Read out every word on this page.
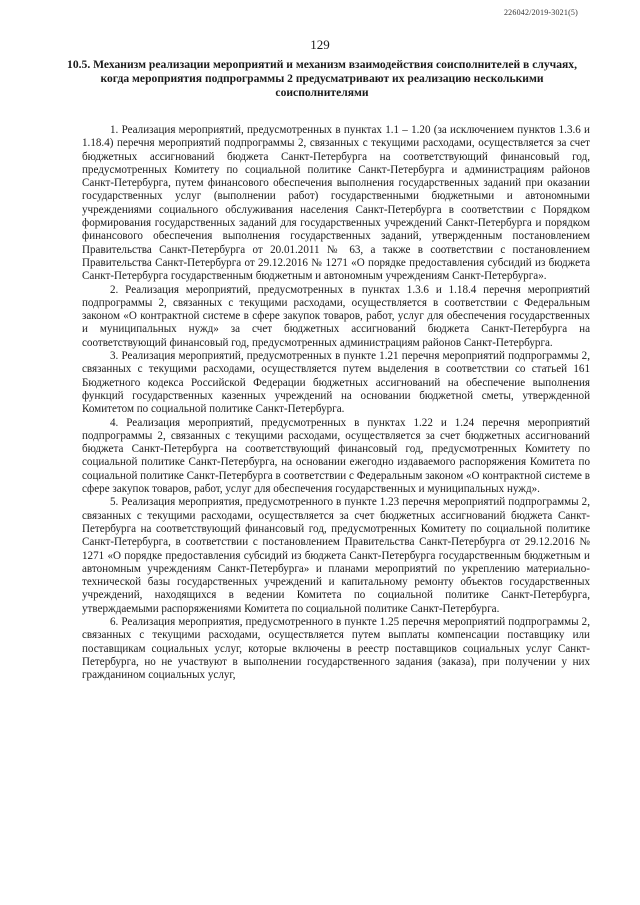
226042/2019-3021(5)
129
10.5. Механизм реализации мероприятий и механизм взаимодействия соисполнителей в случаях, когда мероприятия подпрограммы 2 предусматривают их реализацию несколькими соисполнителями

1. Реализация мероприятий, предусмотренных в пунктах 1.1 – 1.20 (за исключением пунктов 1.3.6 и 1.18.4) перечня мероприятий подпрограммы 2, связанных с текущими расходами, осуществляется за счет бюджетных ассигнований бюджета Санкт-Петербурга на соответствующий финансовый год, предусмотренных Комитету по социальной политике Санкт-Петербурга и администрациям районов Санкт-Петербурга, путем финансового обеспечения выполнения государственных заданий при оказании государственных услуг (выполнении работ) государственными бюджетными и автономными учреждениями социального обслуживания населения Санкт-Петербурга в соответствии с Порядком формирования государственных заданий для государственных учреждений Санкт-Петербурга и порядком финансового обеспечения выполнения государственных заданий, утвержденным постановлением Правительства Санкт-Петербурга от 20.01.2011 № 63, а также в соответствии с постановлением Правительства Санкт-Петербурга от 29.12.2016 № 1271 «О порядке предоставления субсидий из бюджета Санкт-Петербурга государственным бюджетным и автономным учреждениям Санкт-Петербурга».

2. Реализация мероприятий, предусмотренных в пунктах 1.3.6 и 1.18.4 перечня мероприятий подпрограммы 2, связанных с текущими расходами, осуществляется в соответствии с Федеральным законом «О контрактной системе в сфере закупок товаров, работ, услуг для обеспечения государственных и муниципальных нужд» за счет бюджетных ассигнований бюджета Санкт-Петербурга на соответствующий финансовый год, предусмотренных администрациям районов Санкт-Петербурга.

3. Реализация мероприятий, предусмотренных в пункте 1.21 перечня мероприятий подпрограммы 2, связанных с текущими расходами, осуществляется путем выделения в соответствии со статьей 161 Бюджетного кодекса Российской Федерации бюджетных ассигнований на обеспечение выполнения функций государственных казенных учреждений на основании бюджетной сметы, утвержденной Комитетом по социальной политике Санкт-Петербурга.

4. Реализация мероприятий, предусмотренных в пунктах 1.22 и 1.24 перечня мероприятий подпрограммы 2, связанных с текущими расходами, осуществляется за счет бюджетных ассигнований бюджета Санкт-Петербурга на соответствующий финансовый год, предусмотренных Комитету по социальной политике Санкт-Петербурга, на основании ежегодно издаваемого распоряжения Комитета по социальной политике Санкт-Петербурга в соответствии с Федеральным законом «О контрактной системе в сфере закупок товаров, работ, услуг для обеспечения государственных и муниципальных нужд».

5. Реализация мероприятия, предусмотренного в пункте 1.23 перечня мероприятий подпрограммы 2, связанных с текущими расходами, осуществляется за счет бюджетных ассигнований бюджета Санкт-Петербурга на соответствующий финансовый год, предусмотренных Комитету по социальной политике Санкт-Петербурга, в соответствии с постановлением Правительства Санкт-Петербурга от 29.12.2016 № 1271 «О порядке предоставления субсидий из бюджета Санкт-Петербурга государственным бюджетным и автономным учреждениям Санкт-Петербурга» и планами мероприятий по укреплению материально-технической базы государственных учреждений и капитальному ремонту объектов государственных учреждений, находящихся в ведении Комитета по социальной политике Санкт-Петербурга, утверждаемыми распоряжениями Комитета по социальной политике Санкт-Петербурга.

6. Реализация мероприятия, предусмотренного в пункте 1.25 перечня мероприятий подпрограммы 2, связанных с текущими расходами, осуществляется путем выплаты компенсации поставщику или поставщикам социальных услуг, которые включены в реестр поставщиков социальных услуг Санкт-Петербурга, но не участвуют в выполнении государственного задания (заказа), при получении у них гражданином социальных услуг,
